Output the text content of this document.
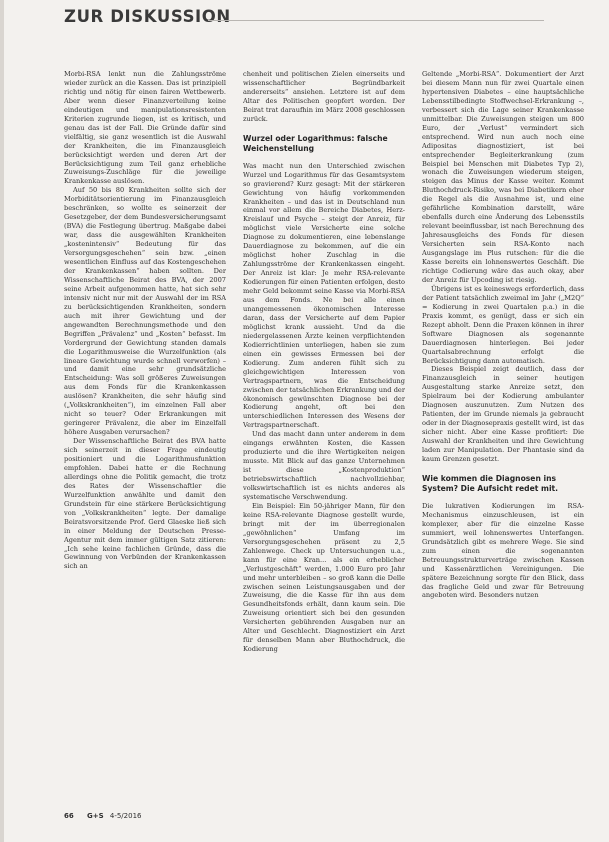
ZUR DISKUSSION

Morbi-RSA lenkt nun die Zahlungsströme wieder zurück an die Kassen. Das ist prinzipiell richtig und nötig für einen fairen Wettbewerb. Aber wenn dieser Finanzverteilung keine eindeutigen und manipulationsresistenten Kriterien zugrunde liegen, ist es kritisch, und genau das ist der Fall. Die Gründe dafür sind vielfältig, sie ganz wesentlich ist die Auswahl der Krankheiten, die im Finanzausgleich berücksichtigt werden und deren Art der Berücksichtigung zum Teil ganz erhebliche Zuweisungs-Zuschläge für die jeweilige Krankenkasse auslösen.

Auf 50 bis 80 Krankheiten sollte sich der Morbiditätsorientierung im Finanzausgleich beschränken, so wollte es seinerzeit der Gesetzgeber, der dem Bundesversicherungsamt (BVA) die Festlegung übertrug. Maßgabe dabei war, dass die ausgewählten Krankheiten „kostenintensiv“ Bedeutung für das Versorgungsgeschehen“ sein bzw. „einen wesentlichen Einfluss auf das Kostengeschehen der Krankenkassen“ haben sollten. Der Wissenschaftliche Beirat des BVA, der 2007 seine Arbeit aufgenommen hatte, hat sich sehr intensiv nicht nur mit der Auswahl der im RSA zu berücksichtigenden Krankheiten, sondern auch mit ihrer Gewichtung und der angewandten Berechnungsmethode und den Begriffen „Prävalenz“ und „Kosten“ befasst. Im Vordergrund der Gewichtung standen damals die Logarithmusweise die Wurzelfunktion (als lineare Gewichtung wurde schnell verworfen) – und damit eine sehr grundsätzliche Entscheidung: Was soll größeres Zuweisungen aus dem Fonds für die Krankenkassen auslösen? Krankheiten, die sehr häufig sind („Volkskrankheiten“), im einzelnen Fall aber nicht so teuer? Oder Erkrankungen mit geringerer Prävalenz, die aber im Einzelfall höhere Ausgaben verursachen?

Der Wissenschaftliche Beirat des BVA hatte sich seinerzeit in dieser Frage eindeutig positioniert und die Logarithmusfunktion empfohlen. Dabei hatte er die Rechnung allerdings ohne die Politik gemacht, die trotz des Rates der Wissenschaftler die Wurzelfunktion anwählte und damit den Grundstein für eine stärkere Berücksichtigung von „Volkskrankheiten“ legte. Der damalige Beiratsvorsitzende Prof. Gerd Glaeske ließ sich in einer Meldung der Deutschen Presse-Agentur mit dem immer gültigen Satz zitieren: „Ich sehe keine fachlichen Gründe, dass die Gewinnung von Verbünden der Krankenkassen sich an

chenheit und politischen Zielen einerseits und wissenschaftlicher Begründbarkeit andererseits“ ansiehen. Letztere ist auf dem Altar des Politischen geopfert worden. Der Beirat trat daraufhin im März 2008 geschlossen zurück.

Wurzel oder Logarithmus: falsche Weichenstellung

Was macht nun den Unterschied zwischen Wurzel und Logarithmus für das Gesamtsystem so gravierend? Kurz gesagt: Mit der stärkeren Gewichtung von häufig vorkommenden Krankheiten – und das ist in Deutschland nun einmal vor allem die Bereiche Diabetes, Herz-Kreislauf und Psyche – steigt der Anreiz, für möglichst viele Versicherte eine solche Diagnose zu dokumentieren, eine lebenslange Dauerdiagnose zu bekommen, auf die ein möglichst hoher Zuschlag in die Zahlungsströme der Krankenkassen eingeht. Der Anreiz ist klar: Je mehr RSA-relevante Kodierungen für einen Patienten erfolgen, desto mehr Geld bekommt seine Kasse via Morbi-RSA aus dem Fonds. Ne bei alle einen unangemessenen ökonomischen Interesse daran, dass der Versicherte auf dem Papier möglichst krank aussieht. Und da die niedergelassenen Ärzte keinen verpflichtenden Kodierrichtlinien unterliegen, haben sie zum einen ein gewisses Ermessen bei der Kodierung. Zum anderen fühlt sich zu gleichgewichtigen Interessen von Vertragspartnern, was die Entscheidung zwischen der tatsächlichen Erkrankung und der ökonomisch gewünschten Diagnose bei der Kodierung angeht, oft bei den unterschiedlichen Interessen des Wesens der Vertragspartnerschaft.

Und das macht dann unter anderem in dem eingangs erwähnten Kosten, die Kassen produzierte und die ihre Wertigkeiten neigen musste. Mit Blick auf das ganze Unternehmen ist diese „Kostenproduktion“ betriebswirtschaftlich nachvollziehbar, volkswirtschaftlich ist es nichts anderes als systematische Verschwendung.

Ein Beispiel: Ein 50-jähriger Mann, für den keine RSA-relevante Diagnose gestellt wurde, bringt mit der im überregionalen „gewöhnlichen“ Umfang im Versorgungsgeschehen präsent zu 2,5 Zahlenwege. Check up Untersuchungen u.a., kann für eine Kran... als ein erheblicher „Verlustgeschäft“ werden, 1.000 Euro pro Jahr und mehr unterbleiben – so groß kann die Delle zwischen seinen Leistungsausgaben und der Zuweisung, die die Kasse für ihn aus dem Gesundheitsfonds erhält, dann kaum sein. Die Zuweisung orientiert sich bei den gesunden Versicherten gebührenden Ausgaben nur an Alter und Geschlecht. Diagnostiziert ein Arzt für denselben Mann aber Bluthochdruck, die Kodierung

Geltende „Morbi-RSA“. Dokumentiert der Arzt bei diesem Mann nun für zwei Quartale einen hypertensiven Diabetes – eine hauptsächliche Lebensstilbedingte Stoffwechsel-Erkrankung –, verbessert sich die Lage seiner Krankenkasse unmittelbar. Die Zuweisungen steigen um 800 Euro, der „Verlust“ vermindert sich entsprechend. Wird nun auch noch eine Adipositas diagnostiziert, ist bei entsprechender Begleiterkrankung (zum Beispiel bei Menschen mit Diabetes Typ 2), wonach die Zuweisungen wiederum steigen, steigen das Minus der Kasse weiter. Kommt Bluthochdruck-Risiko, was bei Diabetikern eher die Regel als die Ausnahme ist, und eine gefährliche Kombination darstellt, wäre ebenfalls durch eine Änderung des Lebensstils relevant beeinflussbar, ist nach Berechnung des Jahresausgleichs des Fonds für diesen Versicherten sein RSA-Konto nach Ausgangslage im Plus rutschen: für die die Kasse bereits ein lohnenswertes Geschäft. Die richtige Codierung wäre das auch okay, aber der Anreiz für Upcoding ist riesig.

Übrigens ist es keineswegs erforderlich, dass der Patient tatsächlich zweimal im Jahr („M2Q“ = Kodierung in zwei Quartalen p.a.) in die Praxis kommt, es genügt, dass er sich ein Rezept abholt. Denn die Praxen können in ihrer Software Diagnosen als sogenannte Dauerdiagnosen hinterlegen. Bei jeder Quartalsabrechnung erfolgt die Berücksichtigung dann automatisch.

Dieses Beispiel zeigt deutlich, dass der Finanzausgleich in seiner heutigen Ausgestaltung starke Anreize setzt, den Spielraum bei der Kodierung ambulanter Diagnosen auszunutzen. Zum Nutzen des Patienten, der im Grunde niemals ja gebraucht oder in der Diagnosepraxis gestellt wird, ist das sicher nicht. Aber eine Kasse profitiert: Die Auswahl der Krankheiten und ihre Gewichtung laden zur Manipulation. Der Phantasie sind da kaum Grenzen gesetzt.

Wie kommen die Diagnosen ins System? Die Aufsicht redet mit.

Die lukrativen Kodierungen im RSA-Mechanismus einzuschleusen, ist ein komplexer, aber für die einzelne Kasse summiert, weil lohnenswertes Unterfangen. Grundsätzlich gibt es mehrere Wege. Sie sind zum einen die sogenannten Betreuungsstrukturverträge zwischen Kassen und Kassenärztlichen Vereinigungen. Die spätere Bezeichnung sorgte für den Blick, dass das fragliche Geld und zwar für Betreuung angeboten wird. Besonders nutzen

66 G+S 4-5/2016
